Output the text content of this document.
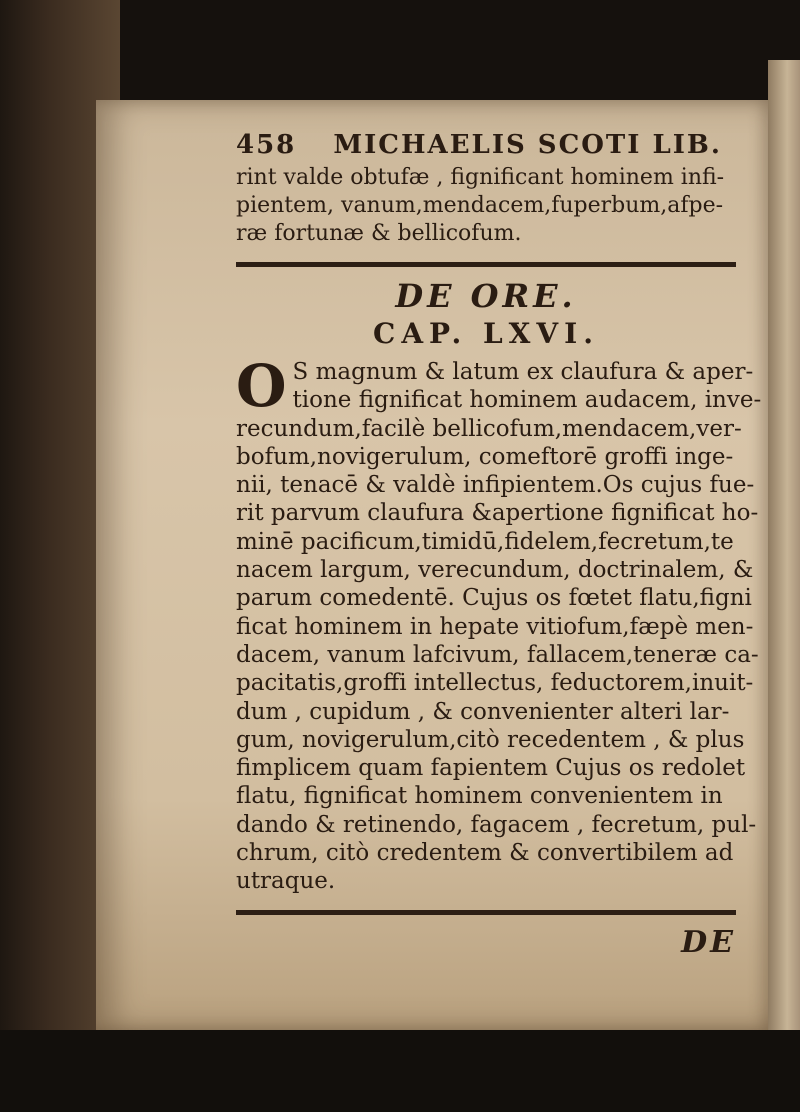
458 MICHAELIS SCOTI LIB.

rint valde obtufæ , fignificant hominem infi-

pientem, vanum,mendacem,fuperbum,afpe-

ræ fortunæ & bellicofum.

DE ORE.
CAP. LXVI.
O S magnum & latum ex claufura & aper-

tione fignificat hominem audacem, inve-

recundum,facilè bellicofum,mendacem,ver-

bofum,novigerulum, comeftorē groffi inge-

nii, tenacē & valdè infipientem.Os cujus fue-

rit parvum claufura &apertione fignificat ho-

minē pacificum,timidū,fidelem,fecretum,te

nacem largum, verecundum, doctrinalem, &

parum comedentē. Cujus os fœtet flatu,figni

ficat hominem in hepate vitiofum,fæpè men-

dacem, vanum lafcivum, fallacem,teneræ ca-

pacitatis,groffi intellectus, feductorem,inuit-

dum , cupidum , & convenienter alteri lar-

gum, novigerulum,citò recedentem , & plus

fimplicem quam fapientem Cujus os redolet

flatu, fignificat hominem convenientem in

dando & retinendo, fagacem , fecretum, pul-

chrum, citò credentem & convertibilem ad

utraque.

DE
